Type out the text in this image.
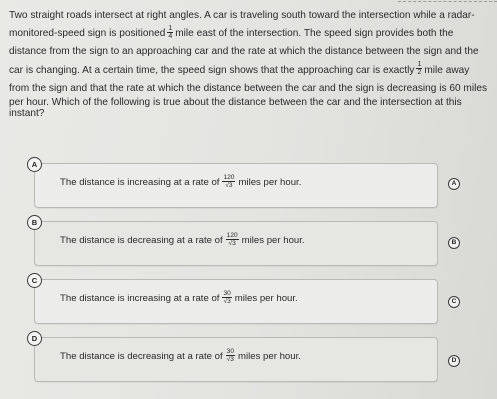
Two straight roads intersect at right angles. A car is traveling south toward the intersection while a radar-
monitored-speed sign is positioned $\frac{1}{4}$ mile east of the intersection. The speed sign provides both the
distance from the sign to an approaching car and the rate at which the distance between the sign and the
car is changing. At a certain time, the speed sign shows that the approaching car is exactly $\frac{1}{2}$ mile away
from the sign and that the rate at which the distance between the car and the sign is decreasing is 60 miles
per hour. Which of the following is true about the distance between the car and the intersection at this
instant?
A
The distance is increasing at a rate of $\frac{120}{√3}$ miles per hour.	A
B
The distance is decreasing at a rate of $\frac{120}{√3}$ miles per hour.	B
C
The distance is increasing at a rate of $\frac{30}{√3}$ miles per hour.	C
D
The distance is decreasing at a rate of $\frac{30}{√3}$ miles per hour.	D
